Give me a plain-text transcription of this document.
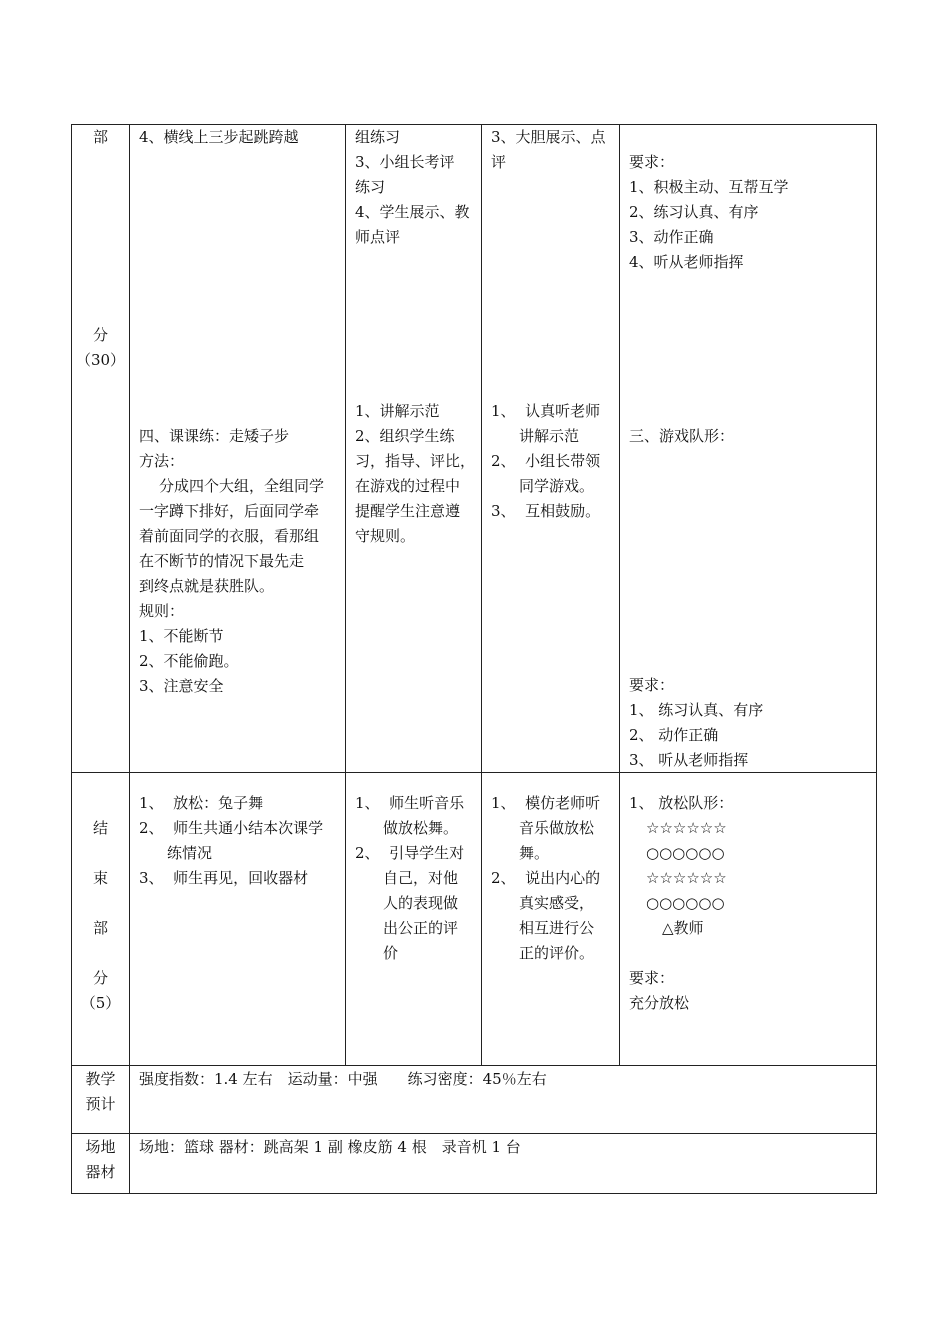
部
分
（30）
4、横线上三步起跳跨越	组练习
3、小组长考评
练习
4、学生展示、教
师点评
3、大胆展示、点
评	要求：
1、积极主动、互帮互学
2、练习认真、有序
3、动作正确
4、听从老师指挥
四、课课练：走矮子步
方法：
分成四个大组，全组同学
一字蹲下排好，后面同学牵
着前面同学的衣服，看那组
在不断节的情况下最先走
到终点就是获胜队。
规则：
1、不能断节
2、不能偷跑。
3、注意安全
1、讲解示范
2、组织学生练
习，指导、评比，
在游戏的过程中
提醒学生注意遵
守规则。
1、 认真听老师
讲解示范
2、 小组长带领
同学游戏。
3、 互相鼓励。
三、游戏队形：
要求：
1、 练习认真、有序
2、 动作正确
3、 听从老师指挥
结
束
部
分
（5）
1、 放松：兔子舞
2、 师生共通小结本次课学
练情况
3、 师生再见，回收器材
1、 师生听音乐
做放松舞。
2、 引导学生对
自己，对他
人的表现做
出公正的评
价
1、 模仿老师听
音乐做放松
舞。
2、 说出内心的
真实感受，
相互进行公
正的评价。
1、 放松队形：
☆☆☆☆☆☆
○○○○○○
☆☆☆☆☆☆
○○○○○○
△教师
要求：
充分放松
教学
预计
强度指数：1.4 左右　运动量：中强　　练习密度：45％左右
场地
器材
场地：篮球 器材：跳高架 1 副 橡皮筋 4 根　录音机 1 台
